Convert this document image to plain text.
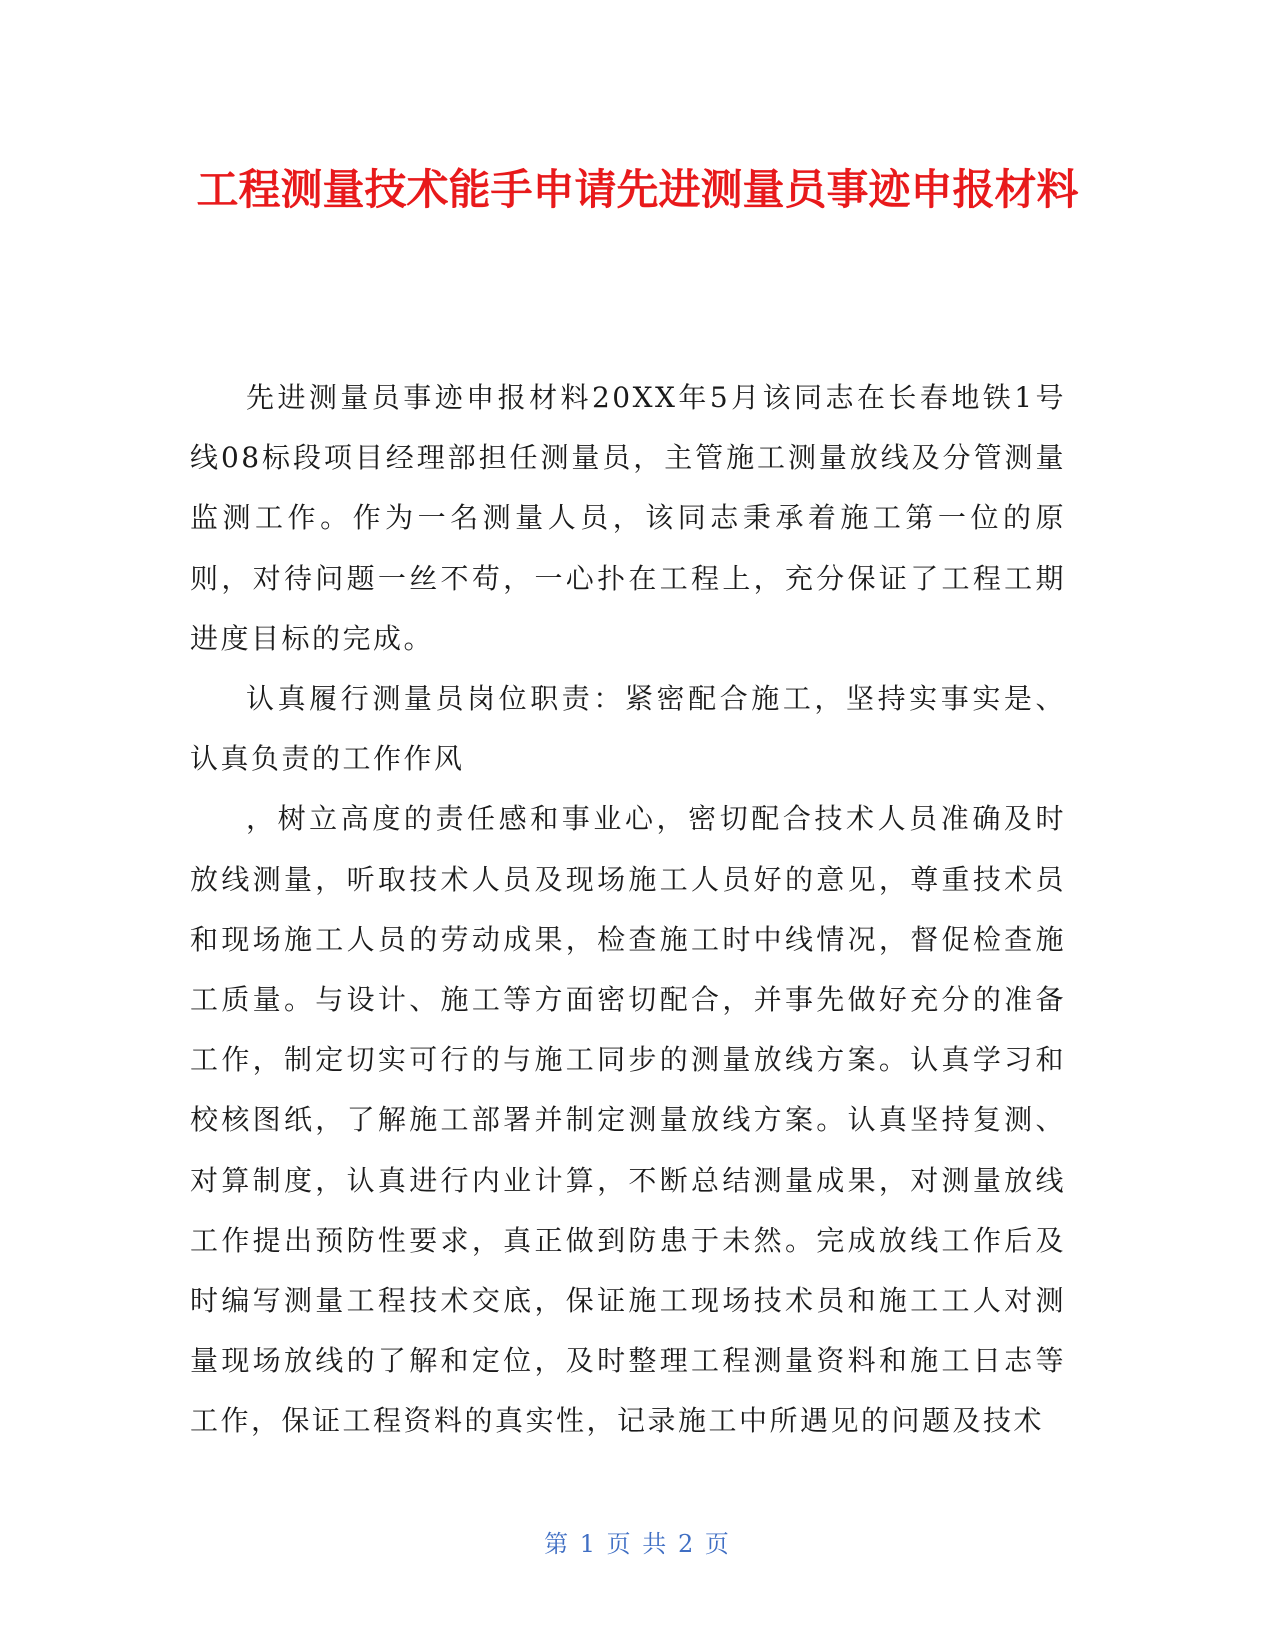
工程测量技术能手申请先进测量员事迹申报材料

先进测量员事迹申报材料20XX年5月该同志在长春地铁1号线08标段项目经理部担任测量员，主管施工测量放线及分管测量监测工作。作为一名测量人员，该同志秉承着施工第一位的原则，对待问题一丝不苟，一心扑在工程上，充分保证了工程工期进度目标的完成。

认真履行测量员岗位职责：紧密配合施工，坚持实事实是、认真负责的工作作风

，树立高度的责任感和事业心，密切配合技术人员准确及时放线测量，听取技术人员及现场施工人员好的意见，尊重技术员和现场施工人员的劳动成果，检查施工时中线情况，督促检查施工质量。与设计、施工等方面密切配合，并事先做好充分的准备工作，制定切实可行的与施工同步的测量放线方案。认真学习和校核图纸，了解施工部署并制定测量放线方案。认真坚持复测、对算制度，认真进行内业计算，不断总结测量成果，对测量放线工作提出预防性要求，真正做到防患于未然。完成放线工作后及时编写测量工程技术交底，保证施工现场技术员和施工工人对测量现场放线的了解和定位，及时整理工程测量资料和施工日志等工作，保证工程资料的真实性，记录施工中所遇见的问题及技术

第 1 页 共 2 页
